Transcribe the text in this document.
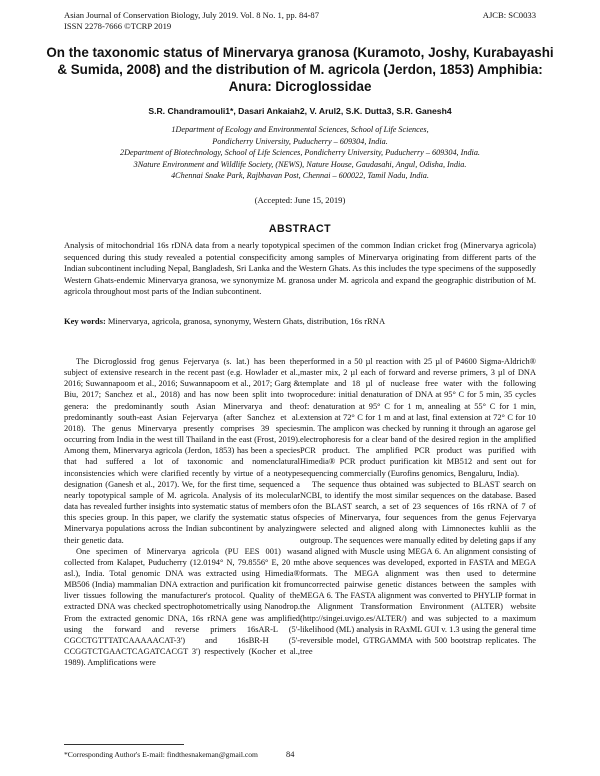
Asian Journal of Conservation Biology, July 2019. Vol. 8 No. 1, pp. 84-87
ISSN 2278-7666 ©TCRP 2019
AJCB: SC0033
On the taxonomic status of Minervarya granosa (Kuramoto, Joshy, Kurabayashi & Sumida, 2008) and the distribution of M. agricola (Jerdon, 1853) Amphibia: Anura: Dicroglossidae
S.R. Chandramouli1*, Dasari Ankaiah2, V. Arul2, S.K. Dutta3, S.R. Ganesh4
1Department of Ecology and Environmental Sciences, School of Life Sciences,
Pondicherry University, Puducherry – 609304, India.
2Department of Biotechnology, School of Life Sciences, Pondicherry University, Puducherry – 609304, India.
3Nature Environment and Wildlife Society, (NEWS), Nature House, Gaudasahi, Angul, Odisha, India.
4Chennai Snake Park, Rajbhavan Post, Chennai – 600022, Tamil Nadu, India.
(Accepted: June 15, 2019)
ABSTRACT
Analysis of mitochondrial 16s rDNA data from a nearly topotypical specimen of the common Indian cricket frog (Minervarya agricola) sequenced during this study revealed a potential conspecificity among samples of Minervarya originating from different parts of the Indian subcontinent including Nepal, Bangladesh, Sri Lanka and the Western Ghats. As this includes the type specimens of the supposedly Western Ghats-endemic Minervarya granosa, we synonymize M. granosa under M. agricola and expand the geographic distribution of M. agricola throughout most parts of the Indian subcontinent.
Key words: Minervarya, agricola, granosa, synonymy, Western Ghats, distribution, 16s rRNA

The Dicroglossid frog genus Fejervarya (s. lat.) has been the subject of extensive research in the recent past (e.g. Howlader et al., 2016; Suwannapoom et al., 2016; Suwannapoom et al., 2017; Garg & Biu, 2017; Sanchez et al., 2018) and has now been split into two genera: the predominantly south Asian Minervarya and the predominantly south-east Asian Fejervarya (after Sanchez et al. 2018). The genus Minervarya presently comprises 39 species occurring from India in the west till Thailand in the east (Frost, 2019). Among them, Minervarya agricola (Jerdon, 1853) has been a species that had suffered a lot of taxonomic and nomenclatural inconsistencies which were clarified recently by virtue of a neotype designation (Ganesh et al., 2017). We, for the first time, sequenced a nearly topotypical sample of M. agricola. Analysis of its molecular data has revealed further insights into systematic status of members of this species group. In this paper, we clarify the systematic status of Minervarya populations across the Indian subcontinent by analyzing their genetic data.

One specimen of Minervarya agricola (PU EES 001) was collected from Kalapet, Puducherry (12.0194° N, 79.8556° E, 20 m asl.), India. Total genomic DNA was extracted using Himedia® MB506 (India) mammalian DNA extraction and purification kit from liver tissues following the manufacturer's protocol. Quality of the extracted DNA was checked spectrophotometrically using Nanodrop. From the extracted genomic DNA, 16s rRNA gene was amplified using the forward and reverse primers 16sAR-L (5'-CGCCTGTTTATCAAAAACAT-3') and 16sBR-H (5'-CCGGTCTGAACTCAGATCACGT 3') respectively (Kocher et al., 1989). Amplifications were

performed in a 50 µl reaction with 25 µl of P4600 Sigma-Aldrich® master mix, 2 µl each of forward and reverse primers, 3 µl of DNA template and 18 µl of nuclease free water with the following procedure: initial denaturation of DNA at 95° C for 5 min, 35 cycles of: denaturation at 95° C for 1 m, annealing at 55° C for 1 min, extension at 72° C for 1 m and at last, final extension at 72° C for 10 min. The amplicon was checked by running it through an agarose gel electrophoresis for a clear band of the desired region in the amplified PCR product. The amplified PCR product was purified with Himedia® PCR product purification kit MB512 and sent out for sequencing commercially (Eurofins genomics, Bengaluru, India).

The sequence thus obtained was subjected to BLAST search on NCBI, to identify the most similar sequences on the database. Based on the BLAST search, a set of 23 sequences of 16s rRNA of 7 of species of Minervarya, four sequences from the genus Fejervarya were selected and aligned along with Limnonectes kuhlii as the outgroup. The sequences were manually edited by deleting gaps if any and aligned with Muscle using MEGA 6. An alignment consisting of the above sequences was developed, exported in FASTA and MEGA formats. The MEGA alignment was then used to determine uncorrected pairwise genetic distances between the samples with MEGA 6. The FASTA alignment was converted to PHYLIP format in the Alignment Transformation Environment (ALTER) website (http://singei.uvigo.es/ALTER/) and was subjected to a maximum likelihood (ML) analysis in RAxML GUI v. 1.3 using the general time reversible model, GTRGAMMA with 500 bootstrap replicates. The tree

*Corresponding Author's E-mail: findthesnakeman@gmail.com	84
